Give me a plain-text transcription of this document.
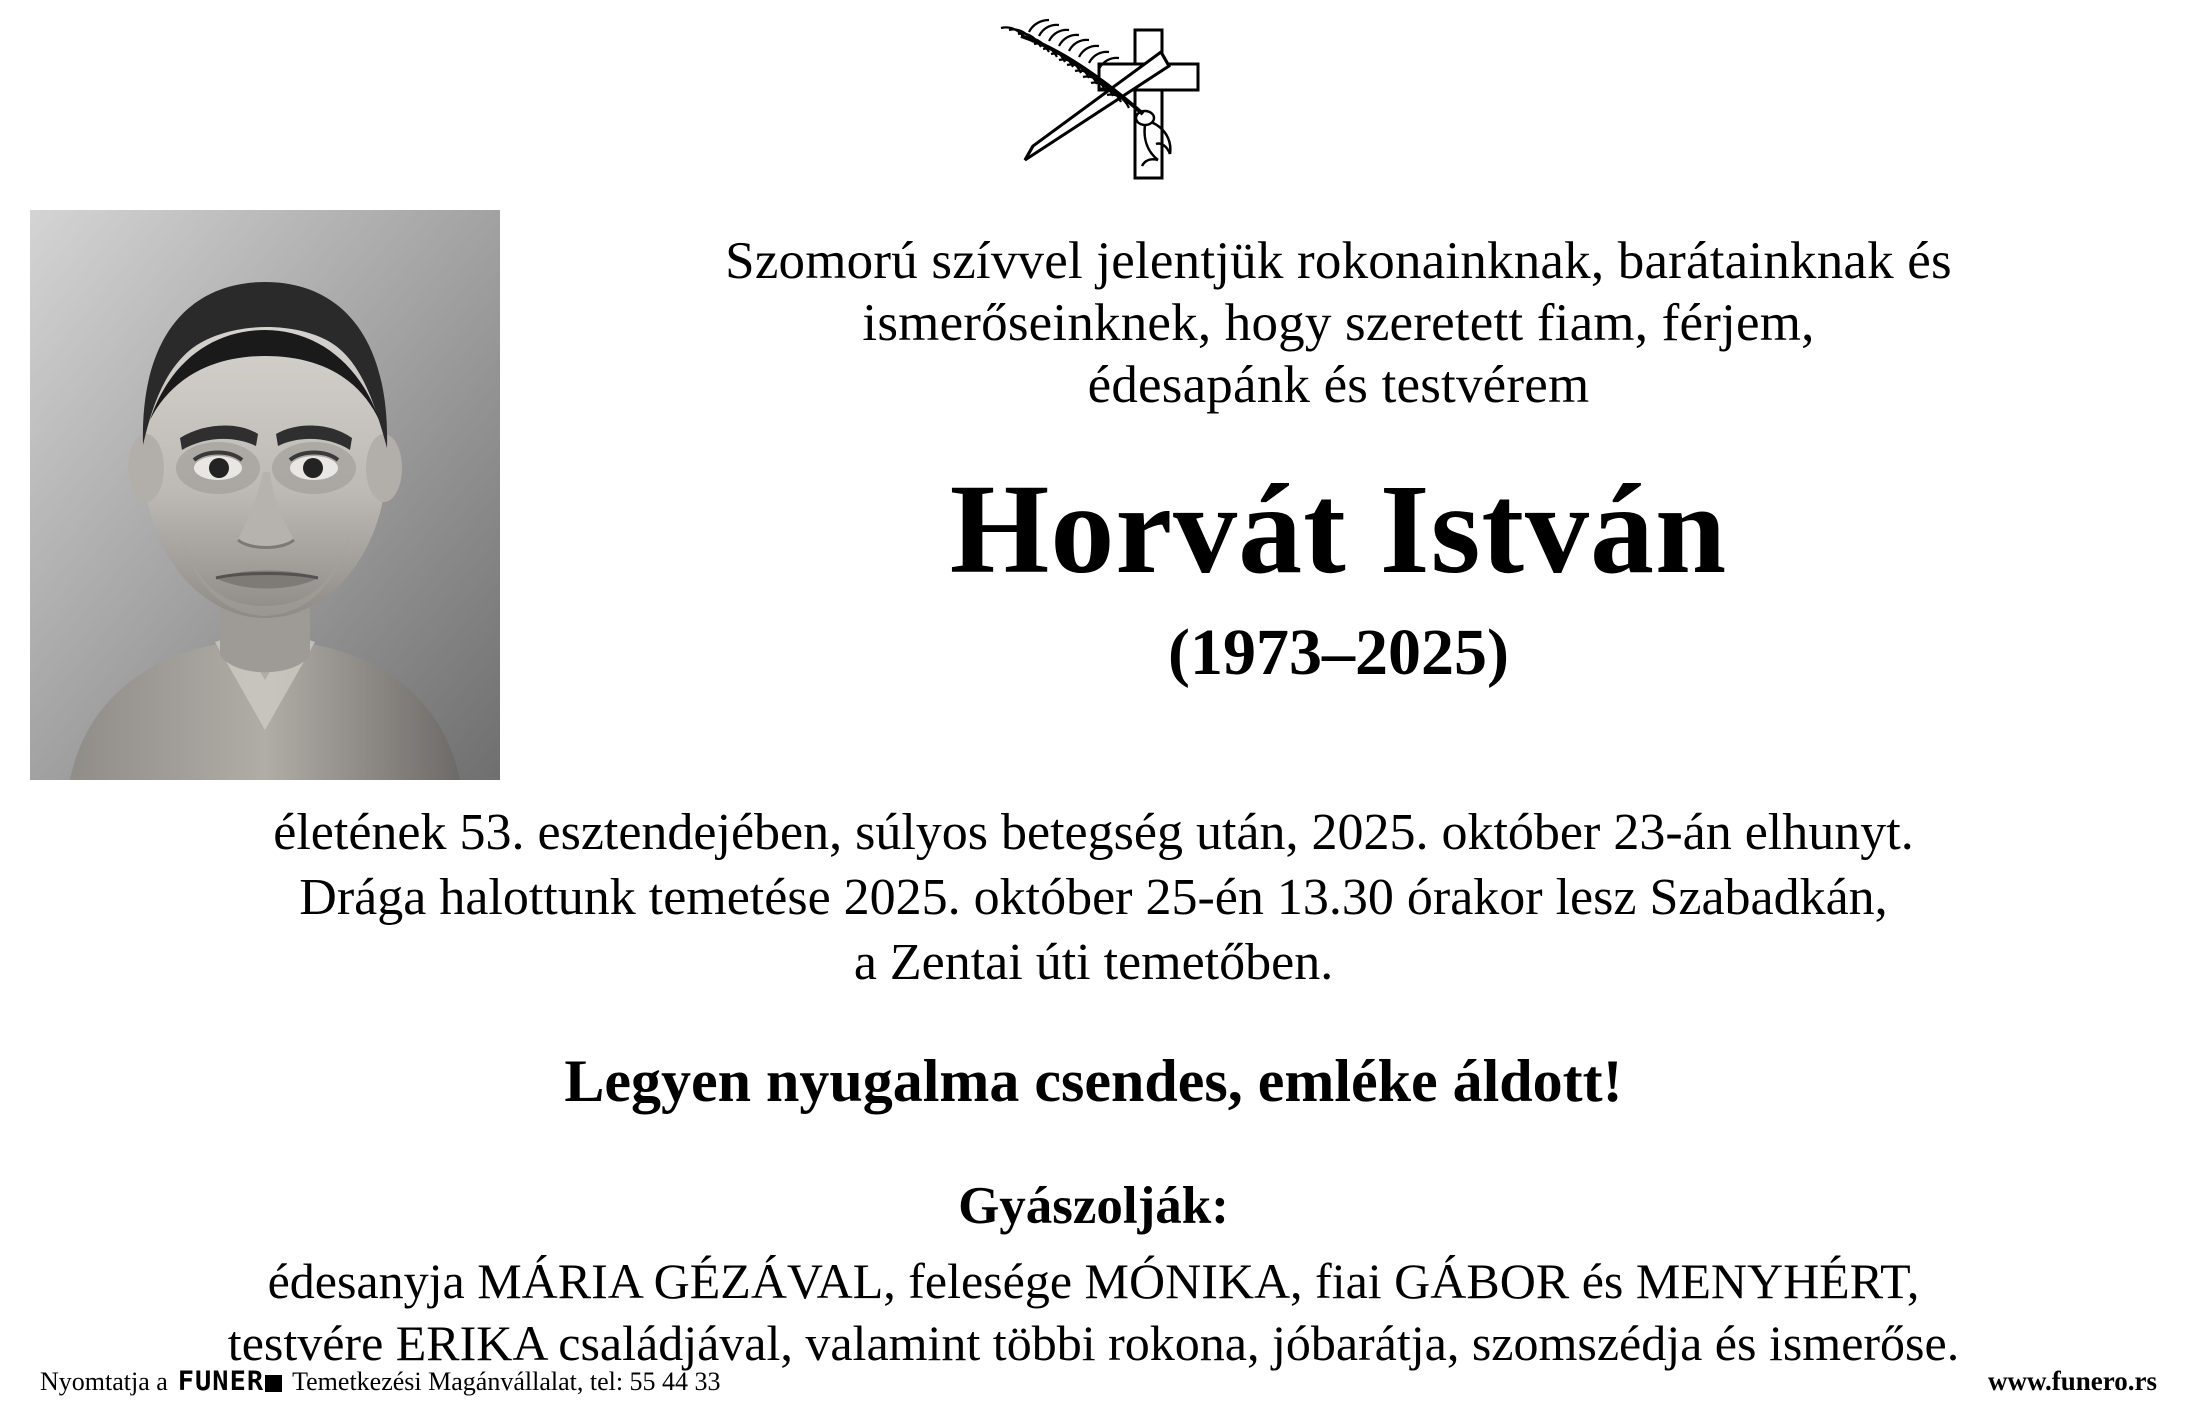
Szomorú szívvel jelentjük rokonainknak, barátainknak és
ismerőseinknek, hogy szeretett fiam, férjem,
édesapánk és testvérem
Horvát István
(1973–2025)
életének 53. esztendejében, súlyos betegség után, 2025. október 23-án elhunyt.
Drága halottunk temetése 2025. október 25-én 13.30 órakor lesz Szabadkán,
a Zentai úti temetőben.
Legyen nyugalma csendes, emléke áldott!
Gyászolják:
édesanyja MÁRIA GÉZÁVAL, felesége MÓNIKA, fiai GÁBOR és MENYHÉRT,
testvére ERIKA családjával, valamint többi rokona, jóbarátja, szomszédja és ismerőse.
Nyomtatja a FUNER	Temetkezési Magánvállalat, tel: 55 44 33	www.funero.rs
